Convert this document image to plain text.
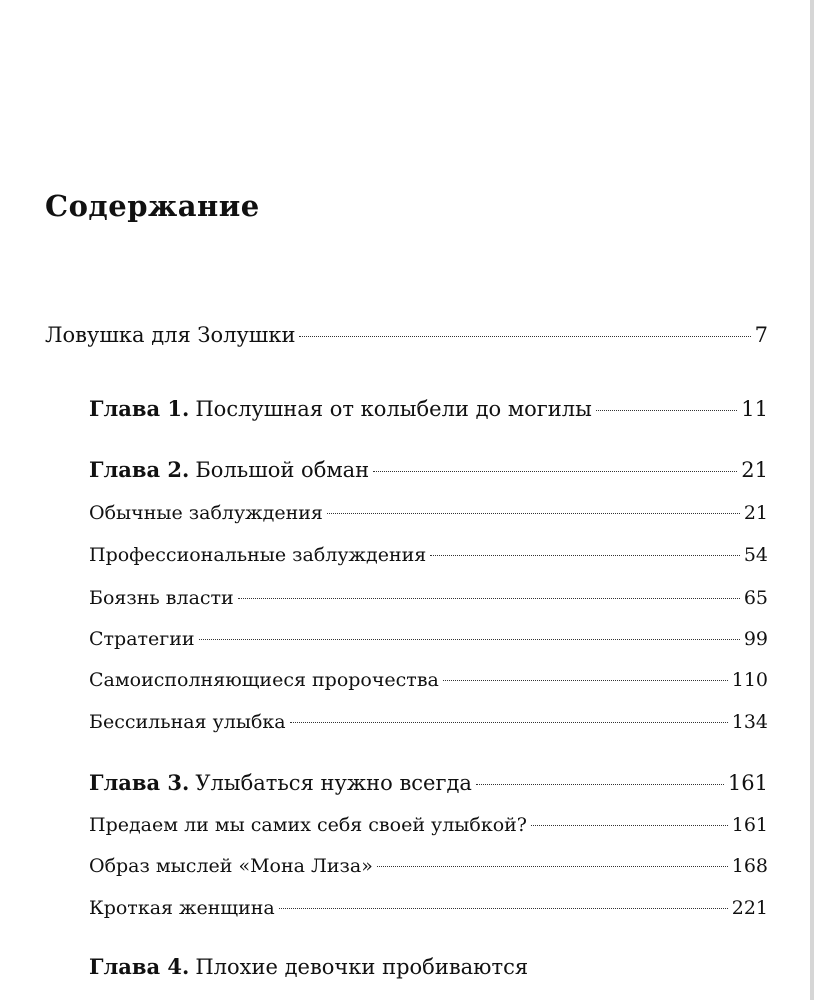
Содержание
Ловушка для Золушки	7
Глава 1. Послушная от колыбели до могилы	11
Глава 2. Большой обман	21
Обычные заблуждения	21
Профессиональные заблуждения	54
Боязнь власти	65
Стратегии	99
Самоисполняющиеся пророчества	110
Бессильная улыбка	134
Глава 3. Улыбаться нужно всегда	161
Предаем ли мы самих себя своей улыбкой?	161
Образ мыслей «Мона Лиза»	168
Кроткая женщина	221
Глава 4. Плохие девочки пробиваются
